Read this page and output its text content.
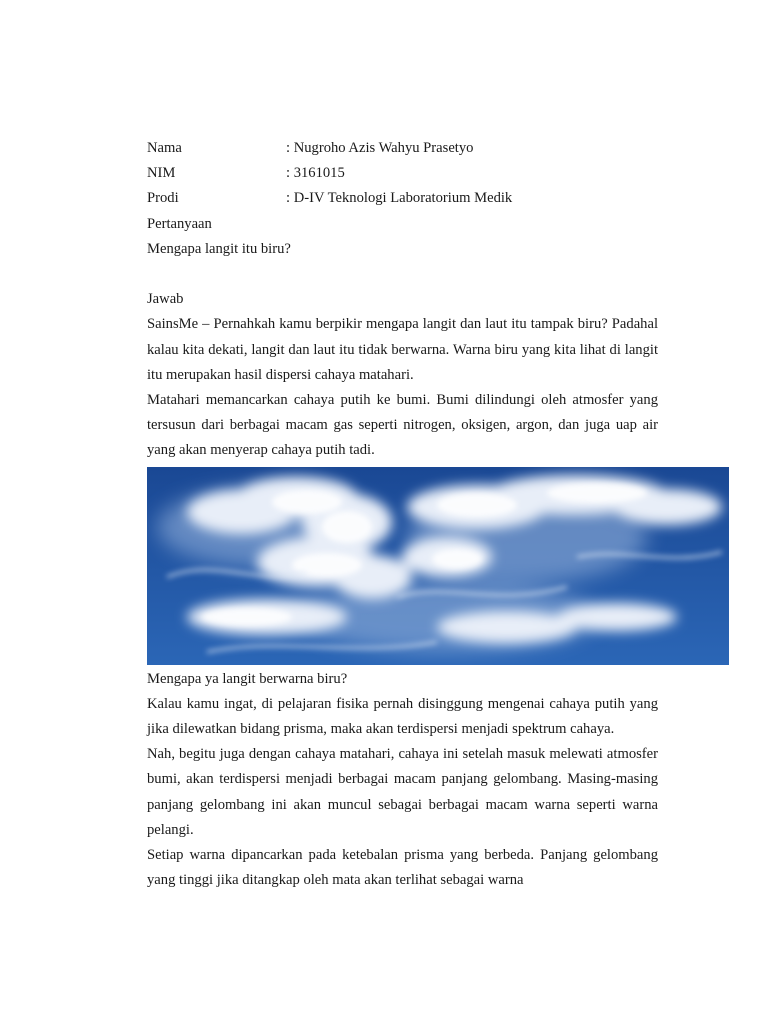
Nama	: Nugroho Azis Wahyu Prasetyo
NIM	: 3161015
Prodi	: D-IV Teknologi Laboratorium Medik
Pertanyaan
Mengapa langit itu biru?
Jawab

SainsMe – Pernahkah kamu berpikir mengapa langit dan laut itu tampak biru? Padahal kalau kita dekati, langit dan laut itu tidak berwarna. Warna biru yang kita lihat di langit itu merupakan hasil dispersi cahaya matahari.

Matahari memancarkan cahaya putih ke bumi. Bumi dilindungi oleh atmosfer yang tersusun dari berbagai macam gas seperti nitrogen, oksigen, argon, dan juga uap air yang akan menyerap cahaya putih tadi.

Mengapa ya langit berwarna biru?

Kalau kamu ingat, di pelajaran fisika pernah disinggung mengenai cahaya putih yang jika dilewatkan bidang prisma, maka akan terdispersi menjadi spektrum cahaya.

Nah, begitu juga dengan cahaya matahari, cahaya ini setelah masuk melewati atmosfer bumi, akan terdispersi menjadi berbagai macam panjang gelombang. Masing-masing panjang gelombang ini akan muncul sebagai berbagai macam warna seperti warna pelangi.

Setiap warna dipancarkan pada ketebalan prisma yang berbeda. Panjang gelombang yang tinggi jika ditangkap oleh mata akan terlihat sebagai warna
